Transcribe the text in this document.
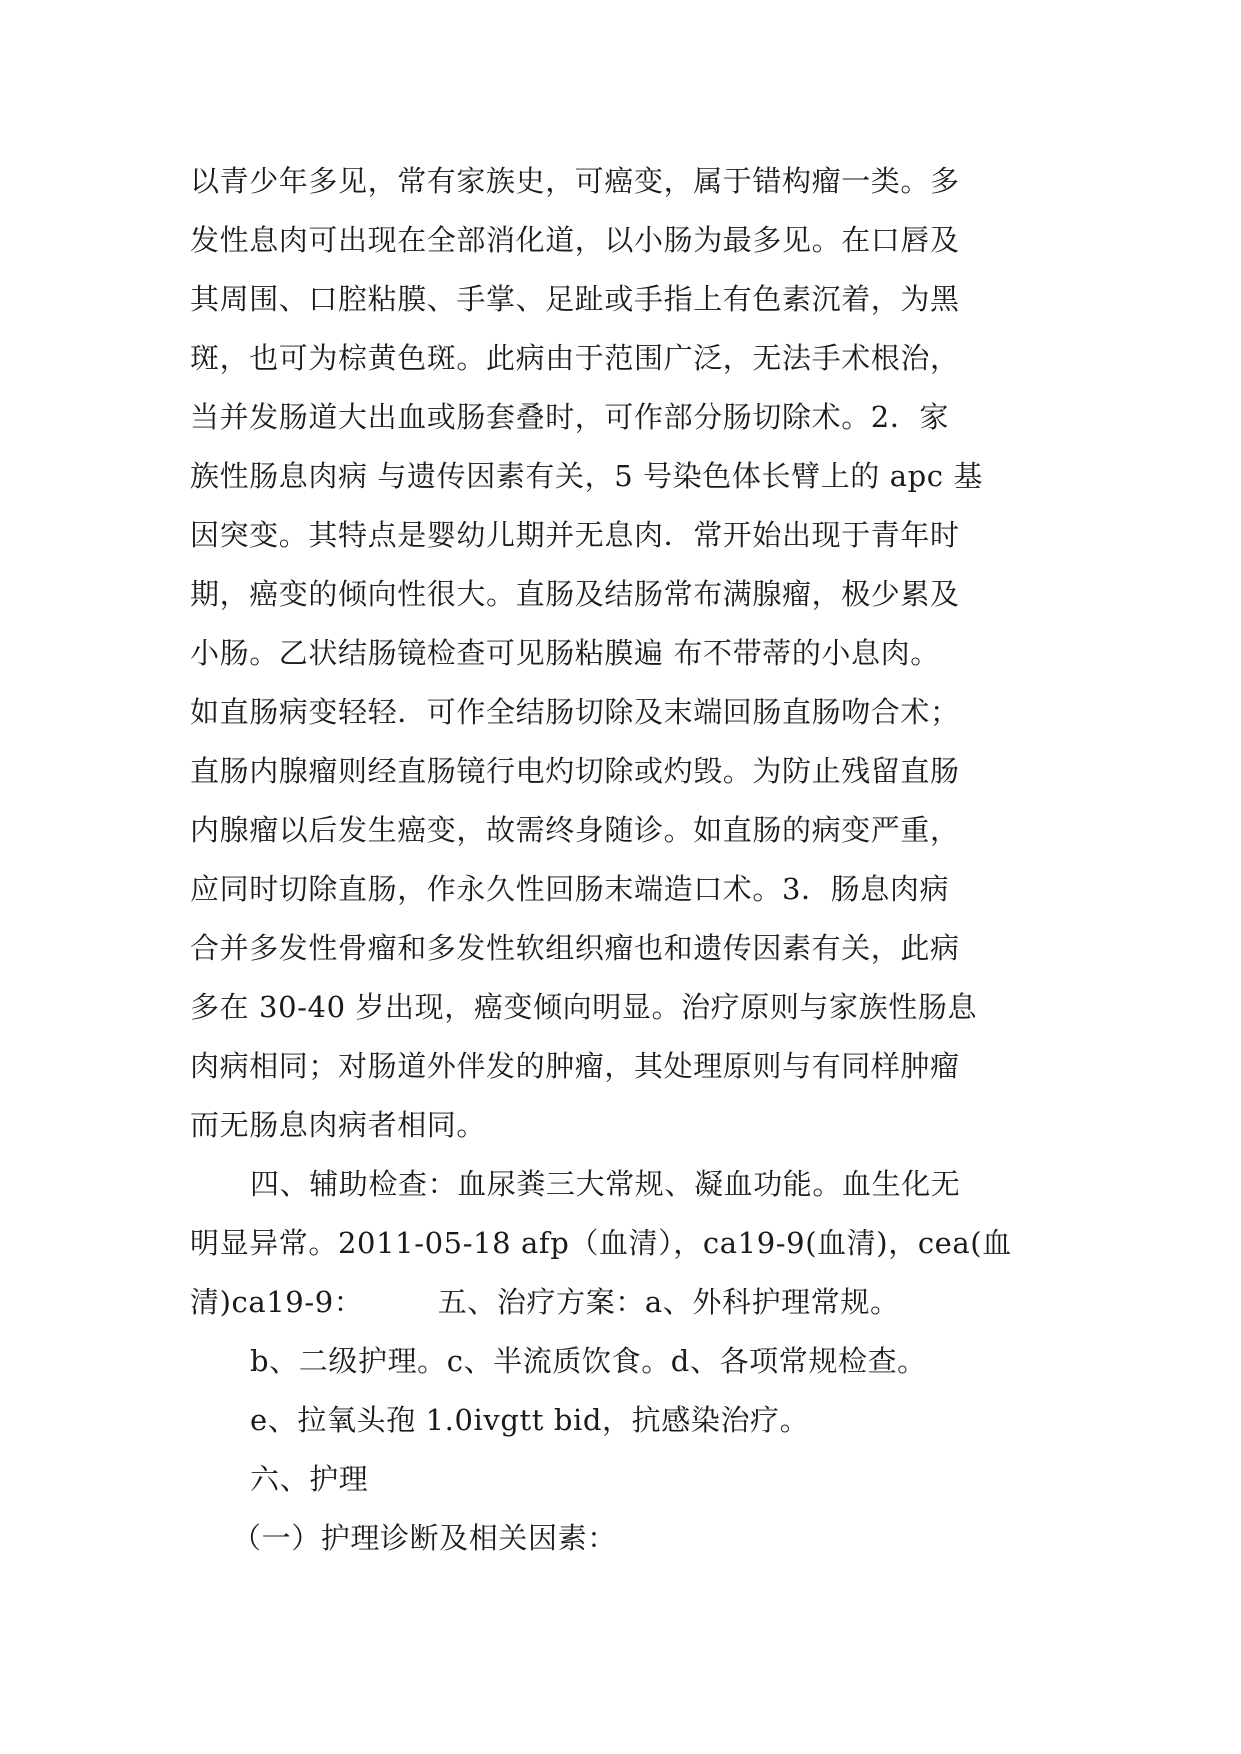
以青少年多见，常有家族史，可癌变，属于错构瘤一类。多
发性息肉可出现在全部消化道，以小肠为最多见。在口唇及
其周围、口腔粘膜、手掌、足趾或手指上有色素沉着，为黑
斑，也可为棕黄色斑。此病由于范围广泛，无法手术根治，
当并发肠道大出血或肠套叠时，可作部分肠切除术。2．家
族性肠息肉病 与遗传因素有关，5 号染色体长臂上的 apc 基
因突变。其特点是婴幼儿期并无息肉．常开始出现于青年时
期，癌变的倾向性很大。直肠及结肠常布满腺瘤，极少累及
小肠。乙状结肠镜检查可见肠粘膜遍 布不带蒂的小息肉。
如直肠病变轻轻．可作全结肠切除及末端回肠直肠吻合术；
直肠内腺瘤则经直肠镜行电灼切除或灼毁。为防止残留直肠
内腺瘤以后发生癌变，故需终身随诊。如直肠的病变严重，
应同时切除直肠，作永久性回肠末端造口术。3．肠息肉病
合并多发性骨瘤和多发性软组织瘤也和遗传因素有关，此病
多在 30-40 岁出现，癌变倾向明显。治疗原则与家族性肠息
肉病相同；对肠道外伴发的肿瘤，其处理原则与有同样肿瘤
而无肠息肉病者相同。
四、辅助检查：血尿粪三大常规、凝血功能。血生化无
明显异常。2011-05-18 afp（血清），ca19-9(血清)，cea(血
清)ca19-9：　　　五、治疗方案：a、外科护理常规。
b、二级护理。c、半流质饮食。d、各项常规检查。
e、拉氧头孢 1.0ivgtt bid，抗感染治疗。
六、护理
（一）护理诊断及相关因素：
